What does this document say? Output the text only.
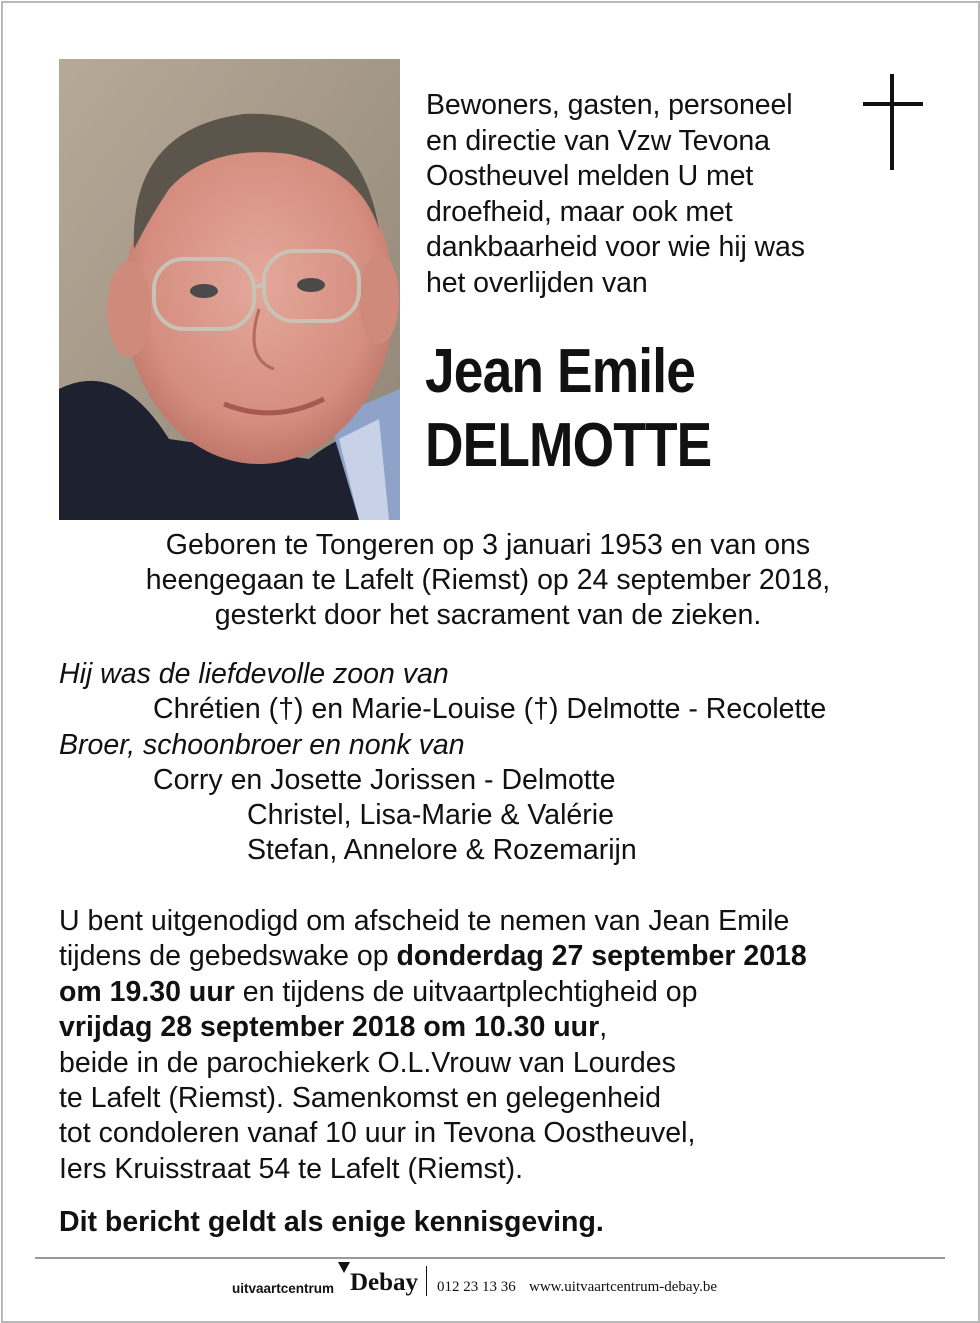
Bewoners, gasten, personeel
en directie van Vzw Tevona
Oostheuvel melden U met
droefheid, maar ook met
dankbaarheid voor wie hij was
het overlijden van
Jean Emile
DELMOTTE
Geboren te Tongeren op 3 januari 1953 en van ons
heengegaan te Lafelt (Riemst) op 24 september 2018,
gesterkt door het sacrament van de zieken.
Hij was de liefdevolle zoon van
Chrétien (†) en Marie-Louise (†) Delmotte - Recolette
Broer, schoonbroer en nonk van
Corry en Josette Jorissen - Delmotte
Christel, Lisa-Marie & Valérie
Stefan, Annelore & Rozemarijn
U bent uitgenodigd om afscheid te nemen van Jean Emile
tijdens de gebedswake op donderdag 27 september 2018
om 19.30 uur en tijdens de uitvaartplechtigheid op
vrijdag 28 september 2018 om 10.30 uur,
beide in de parochiekerk O.L.Vrouw van Lourdes
te Lafelt (Riemst). Samenkomst en gelegenheid
tot condoleren vanaf 10 uur in Tevona Oostheuvel,
Iers Kruisstraat 54 te Lafelt (Riemst).
Dit bericht geldt als enige kennisgeving.
uitvaartcentrum Debay 012 23 13 36 www.uitvaartcentrum-debay.be
